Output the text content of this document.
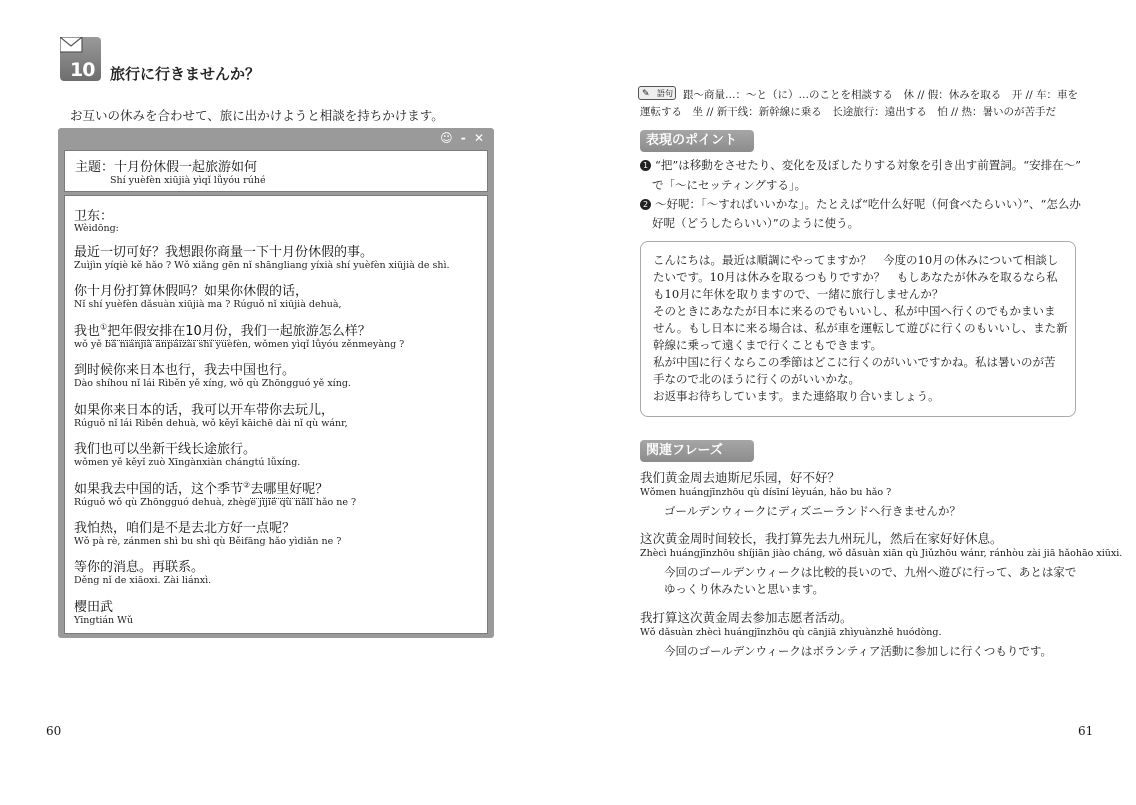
10 旅行に行きませんか？
お互いの休みを合わせて、旅に出かけようと相談を持ちかけます。
☺ - ✕
主题：十月份休假一起旅游如何
Shí yuèfèn xiūjià yìqǐ lǚyóu rúhé
卫东：
Wèidōng:
最近一切可好？我想跟你商量一下十月份休假的事。
Zuìjìn yíqiè kě hǎo ? Wǒ xiǎng gēn nǐ shāngliang yíxià shí yuèfèn xiūjià de shì.
你十月份打算休假吗？如果你休假的话，
Nǐ shí yuèfèn dǎsuàn xiūjià ma ? Rúguǒ nǐ xiūjià dehuà,
我也①把年假安排在10月份，我们一起旅游怎么样？
wǒ yě bǎ niánjià ānpáizài shí yuèfèn, wǒmen yìqǐ lǚyóu zěnmeyàng ?
到时候你来日本也行，我去中国也行。
Dào shíhou nǐ lái Rìběn yě xíng, wǒ qù Zhōngguó yě xíng.
如果你来日本的话，我可以开车带你去玩儿，
Rúguǒ nǐ lái Rìběn dehuà, wǒ kěyǐ kāichē dài nǐ qù wánr,
我们也可以坐新干线长途旅行。
wǒmen yě kěyǐ zuò Xīngànxiàn chángtú lǚxíng.
如果我去中国的话，这个季节②去哪里好呢？
Rúguǒ wǒ qù Zhōngguó dehuà, zhège jìjié qù nǎlǐ hǎo ne ?
我怕热，咱们是不是去北方好一点呢？
Wǒ pà rè, zánmen shì bu shì qù Běifāng hǎo yìdiǎn ne ?
等你的消息。再联系。
Děng nǐ de xiāoxi. Zài liánxì.
樱田武
Yīngtián Wǔ
60
✎ 語句 跟～商量…：～と（に）…のことを相談する　休 // 假：休みを取る　开 // 车：車を
運転する　坐 // 新干线：新幹線に乗る　长途旅行：遠出する　怕 // 热：暑いのが苦手だ
表現のポイント
1 “把”は移動をさせたり、変化を及ぼしたりする対象を引き出す前置詞。“安排在～”
で「～にセッティングする」。
2 ～好呢：「～すればいいかな」。たとえば“吃什么好呢（何食べたらいい）”、“怎么办
好呢（どうしたらいい）”のように使う。
こんにちは。最近は順調にやってますか？　今度の10月の休みについて相談し
たいです。10月は休みを取るつもりですか？　もしあなたが休みを取るなら私
も10月に年休を取りますので、一緒に旅行しませんか？
そのときにあなたが日本に来るのでもいいし、私が中国へ行くのでもかまいま
せん。もし日本に来る場合は、私が車を運転して遊びに行くのもいいし、また新
幹線に乗って遠くまで行くこともできます。
私が中国に行くならこの季節はどこに行くのがいいですかね。私は暑いのが苦
手なので北のほうに行くのがいいかな。
お返事お待ちしています。また連絡取り合いましょう。
関連フレーズ
我们黄金周去迪斯尼乐园，好不好？
Wǒmen huángjīnzhōu qù dísīní lèyuán, hǎo bu hǎo ?
ゴールデンウィークにディズニーランドへ行きませんか？
这次黄金周时间较长，我打算先去九州玩儿，然后在家好好休息。
Zhècì huángjīnzhōu shíjiān jiào cháng, wǒ dǎsuàn xiān qù Jiǔzhōu wánr, ránhòu zài jiā hǎohāo xiūxi.
今回のゴールデンウィークは比較的長いので、九州へ遊びに行って、あとは家で
ゆっくり休みたいと思います。
我打算这次黄金周去参加志愿者活动。
Wǒ dǎsuàn zhècì huángjīnzhōu qù cānjiā zhìyuànzhě huódòng.
今回のゴールデンウィークはボランティア活動に参加しに行くつもりです。
61
